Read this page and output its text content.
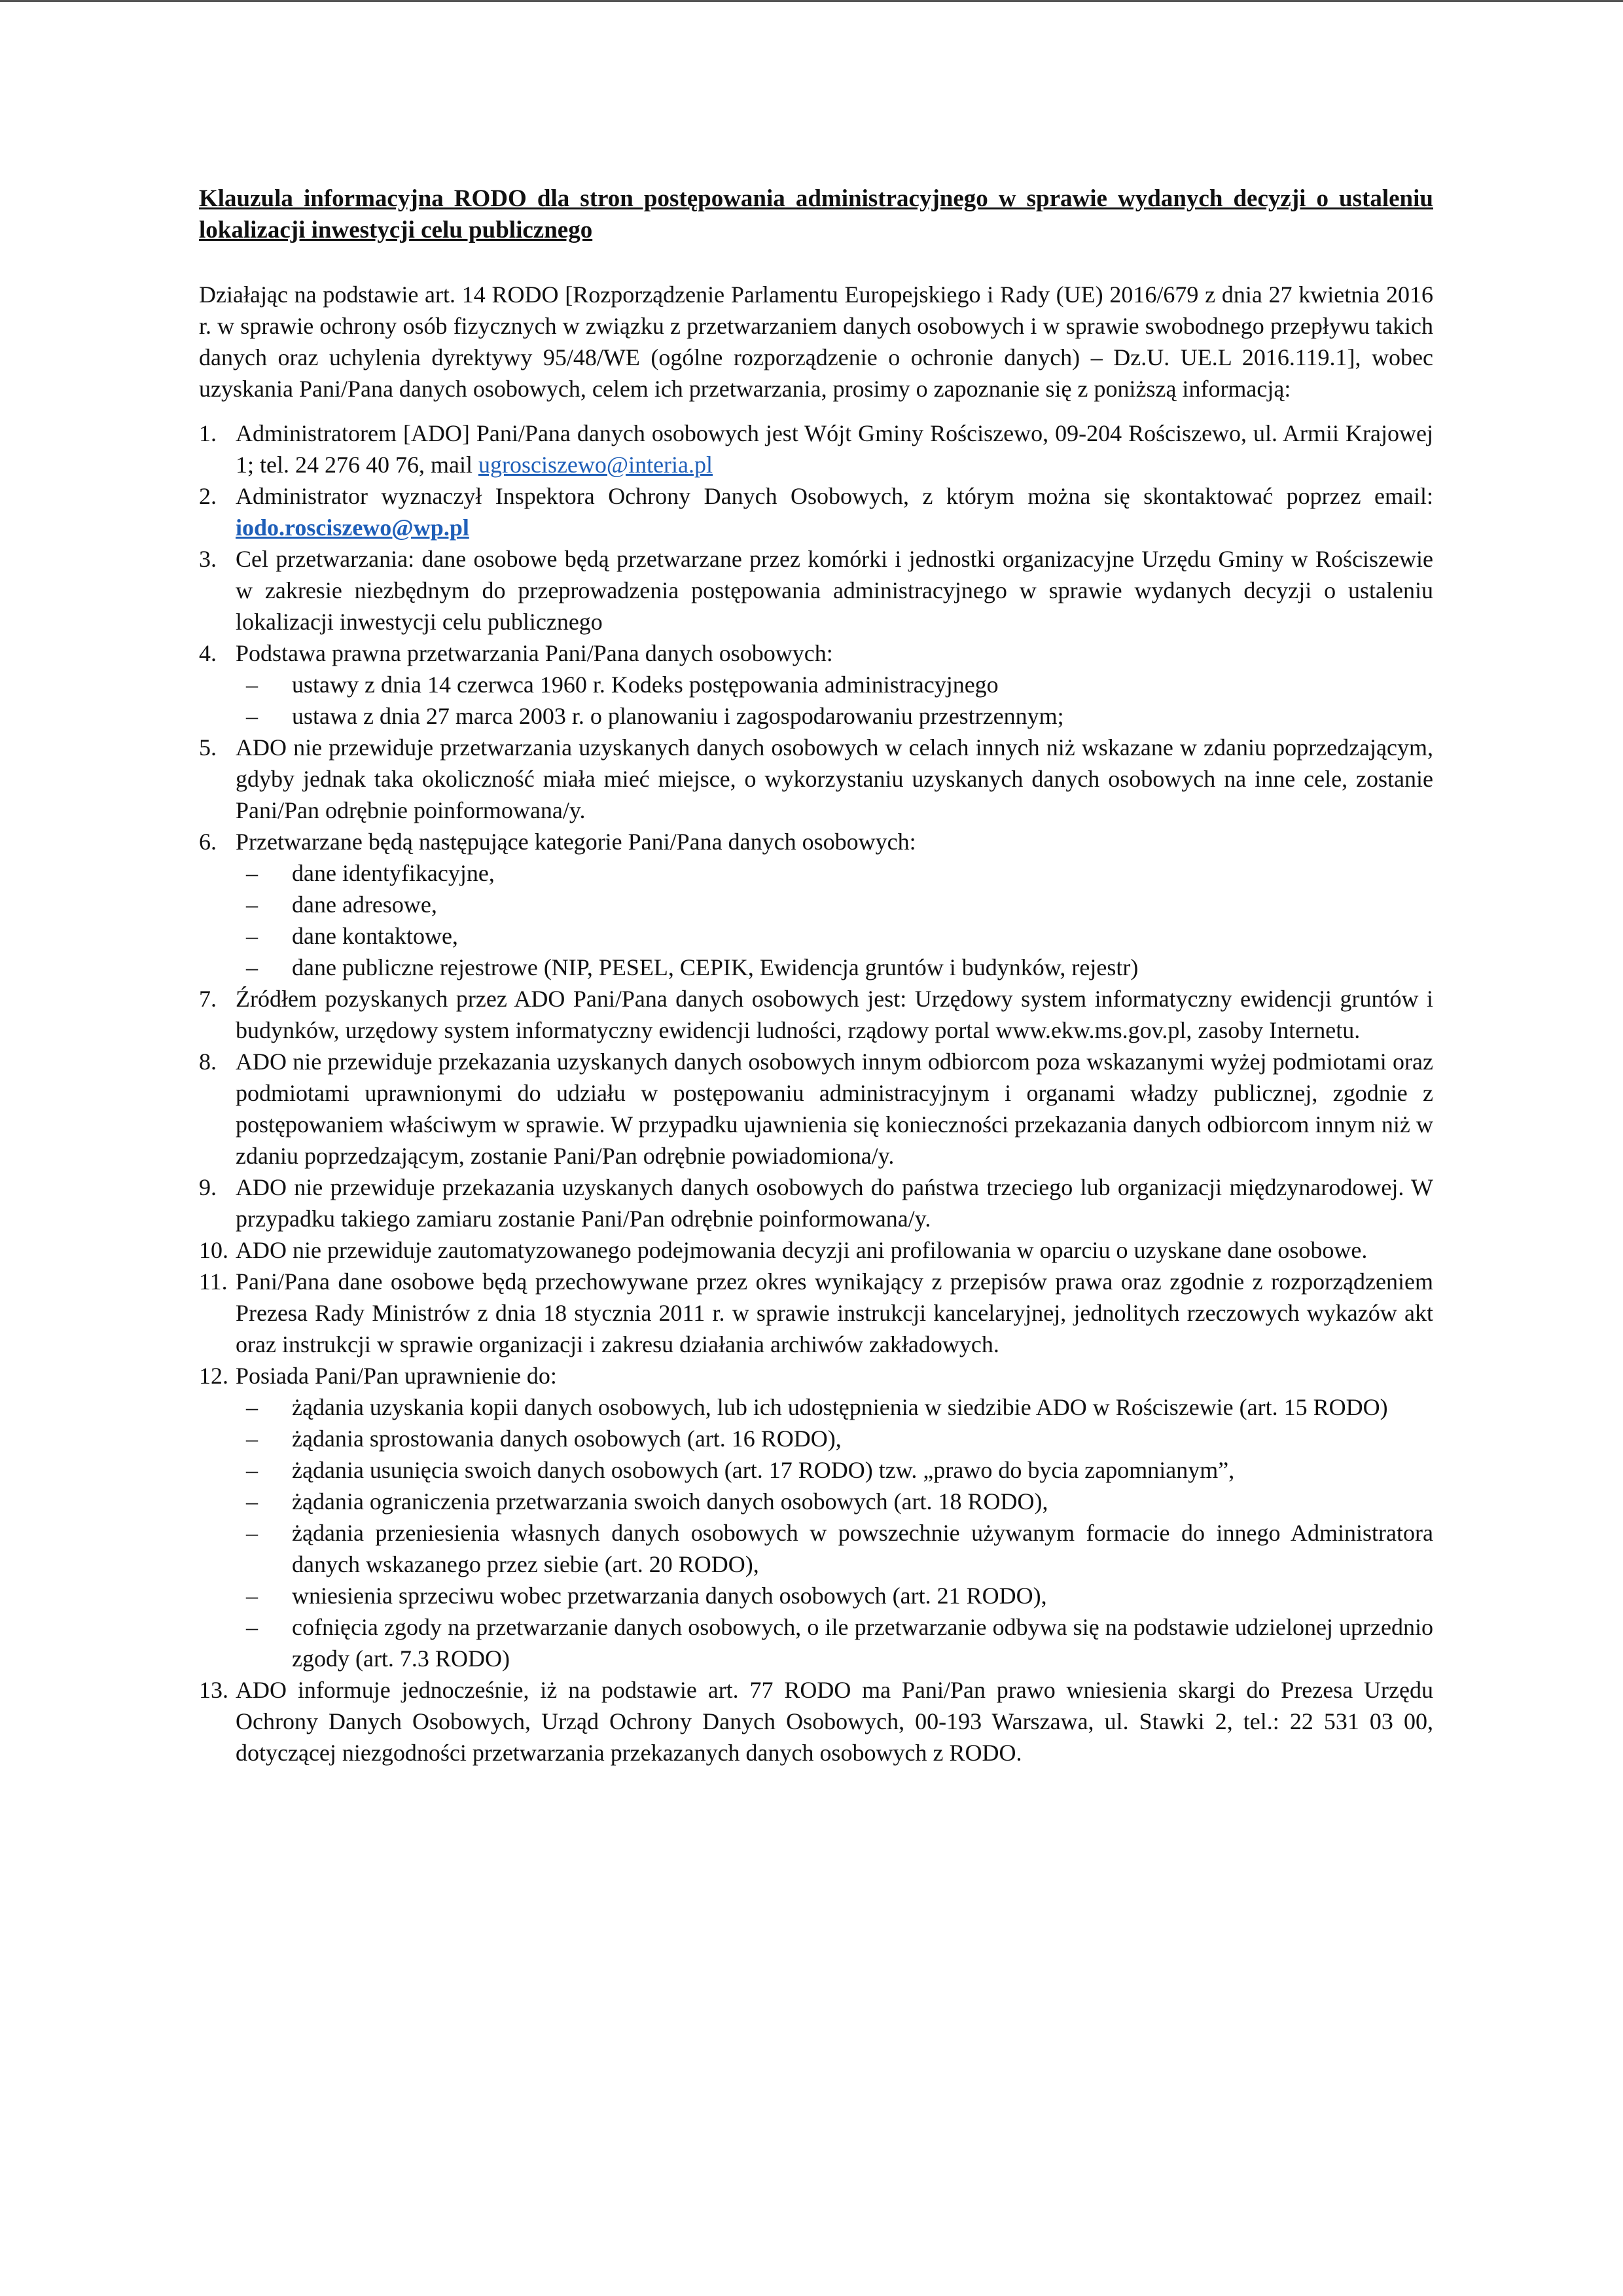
Klauzula informacyjna RODO dla stron postępowania administracyjnego w sprawie wydanych decyzji o ustaleniu lokalizacji inwestycji celu publicznego

Działając na podstawie art. 14 RODO [Rozporządzenie Parlamentu Europejskiego i Rady (UE) 2016/679 z dnia 27 kwietnia 2016 r. w sprawie ochrony osób fizycznych w związku z przetwarzaniem danych osobowych i w sprawie swobodnego przepływu takich danych oraz uchylenia dyrektywy 95/48/WE (ogólne rozporządzenie o ochronie danych) – Dz.U. UE.L 2016.119.1], wobec uzyskania Pani/Pana danych osobowych, celem ich przetwarzania, prosimy o zapoznanie się z poniższą informacją:

1. Administratorem [ADO] Pani/Pana danych osobowych jest Wójt Gminy Rościszewo, 09-204 Rościszewo, ul. Armii Krajowej 1; tel. 24 276 40 76, mail ugrosciszewo@interia.pl
2. Administrator wyznaczył Inspektora Ochrony Danych Osobowych, z którym można się skontaktować poprzez email: iodo.rosciszewo@wp.pl
3. Cel przetwarzania: dane osobowe będą przetwarzane przez komórki i jednostki organizacyjne Urzędu Gminy w Rościszewie w zakresie niezbędnym do przeprowadzenia postępowania administracyjnego w sprawie wydanych decyzji o ustaleniu lokalizacji inwestycji celu publicznego
4. Podstawa prawna przetwarzania Pani/Pana danych osobowych:
– ustawy z dnia 14 czerwca 1960 r. Kodeks postępowania administracyjnego
– ustawa z dnia 27 marca 2003 r. o planowaniu i zagospodarowaniu przestrzennym;
5. ADO nie przewiduje przetwarzania uzyskanych danych osobowych w celach innych niż wskazane w zdaniu poprzedzającym, gdyby jednak taka okoliczność miała mieć miejsce, o wykorzystaniu uzyskanych danych osobowych na inne cele, zostanie Pani/Pan odrębnie poinformowana/y.
6. Przetwarzane będą następujące kategorie Pani/Pana danych osobowych:
– dane identyfikacyjne,
– dane adresowe,
– dane kontaktowe,
– dane publiczne rejestrowe (NIP, PESEL, CEPIK, Ewidencja gruntów i budynków, rejestr)
7. Źródłem pozyskanych przez ADO Pani/Pana danych osobowych jest: Urzędowy system informatyczny ewidencji gruntów i budynków, urzędowy system informatyczny ewidencji ludności, rządowy portal www.ekw.ms.gov.pl, zasoby Internetu.
8. ADO nie przewiduje przekazania uzyskanych danych osobowych innym odbiorcom poza wskazanymi wyżej podmiotami oraz podmiotami uprawnionymi do udziału w postępowaniu administracyjnym i organami władzy publicznej, zgodnie z postępowaniem właściwym w sprawie. W przypadku ujawnienia się konieczności przekazania danych odbiorcom innym niż w zdaniu poprzedzającym, zostanie Pani/Pan odrębnie powiadomiona/y.
9. ADO nie przewiduje przekazania uzyskanych danych osobowych do państwa trzeciego lub organizacji międzynarodowej. W przypadku takiego zamiaru zostanie Pani/Pan odrębnie poinformowana/y.
10. ADO nie przewiduje zautomatyzowanego podejmowania decyzji ani profilowania w oparciu o uzyskane dane osobowe.
11. Pani/Pana dane osobowe będą przechowywane przez okres wynikający z przepisów prawa oraz zgodnie z rozporządzeniem Prezesa Rady Ministrów z dnia 18 stycznia 2011 r. w sprawie instrukcji kancelaryjnej, jednolitych rzeczowych wykazów akt oraz instrukcji w sprawie organizacji i zakresu działania archiwów zakładowych.
12. Posiada Pani/Pan uprawnienie do:
– żądania uzyskania kopii danych osobowych, lub ich udostępnienia w siedzibie ADO w Rościszewie (art. 15 RODO)
– żądania sprostowania danych osobowych (art. 16 RODO),
– żądania usunięcia swoich danych osobowych (art. 17 RODO) tzw. „prawo do bycia zapomnianym”,
– żądania ograniczenia przetwarzania swoich danych osobowych (art. 18 RODO),
– żądania przeniesienia własnych danych osobowych w powszechnie używanym formacie do innego Administratora danych wskazanego przez siebie (art. 20 RODO),
– wniesienia sprzeciwu wobec przetwarzania danych osobowych (art. 21 RODO),
– cofnięcia zgody na przetwarzanie danych osobowych, o ile przetwarzanie odbywa się na podstawie udzielonej uprzednio zgody (art. 7.3 RODO)
13. ADO informuje jednocześnie, iż na podstawie art. 77 RODO ma Pani/Pan prawo wniesienia skargi do Prezesa Urzędu Ochrony Danych Osobowych, Urząd Ochrony Danych Osobowych, 00-193 Warszawa, ul. Stawki 2, tel.: 22 531 03 00, dotyczącej niezgodności przetwarzania przekazanych danych osobowych z RODO.
